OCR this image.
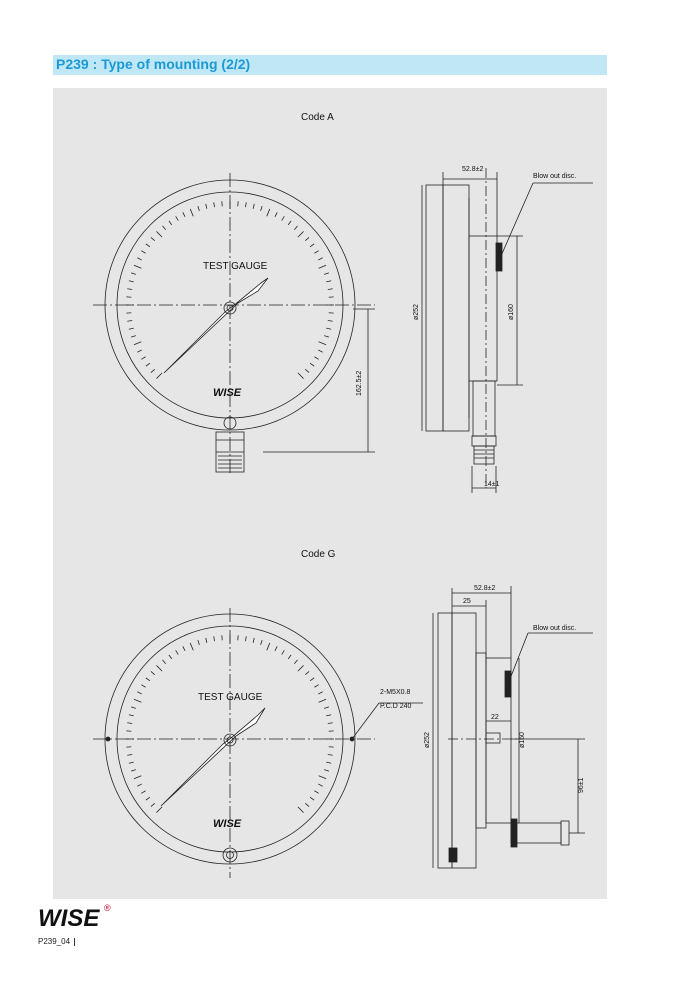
P239 : Type of mounting (2/2)
Code A
TEST GAUGE
WISE
52.8±2
Blow out disc.
ø252	ø160
162.5±2
14±1
Code G
TEST GAUGE
WISE
52.8±2
25
Blow out disc.
2-M5X0.8
P.C.D 240
ø252
22
ø160
96±1
WISE ®
P239_04
